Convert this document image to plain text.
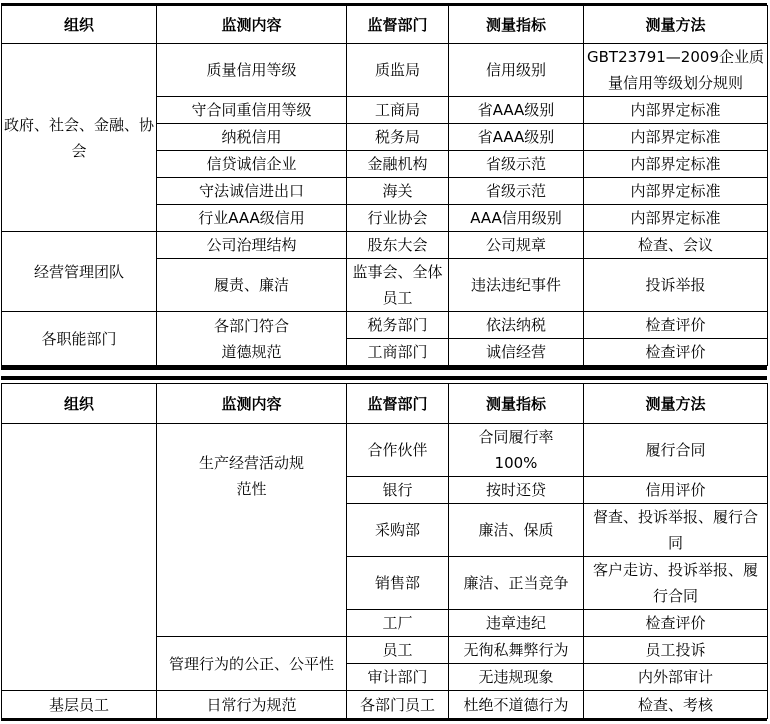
组织	监测内容	监督部门	测量指标	测量方法
政府、社会、金融、协会	质量信用等级	质监局	信用级别	GBT23791—2009企业质量信用等级划分规则
	守合同重信用等级	工商局	省AAA级别	内部界定标准
	纳税信用	税务局	省AAA级别	内部界定标准
	信贷诚信企业	金融机构	省级示范	内部界定标准
	守法诚信进出口	海关	省级示范	内部界定标准
	行业AAA级信用	行业协会	AAA信用级别	内部界定标准
经营管理团队	公司治理结构	股东大会	公司规章	检查、会议
	履责、廉洁	监事会、全体员工	违法违纪事件	投诉举报
各职能部门	各部门符合道德规范	税务部门	依法纳税	检查评价
		工商部门	诚信经营	检查评价
组织	监测内容	监督部门	测量指标	测量方法
	生产经营活动规范性	合作伙伴	合同履行率100%	履行合同
		银行	按时还贷	信用评价
		采购部	廉洁、保质	督查、投诉举报、履行合同
		销售部	廉洁、正当竞争	客户走访、投诉举报、履行合同
		工厂	违章违纪	检查评价
	管理行为的公正、公平性	员工	无徇私舞弊行为	员工投诉
		审计部门	无违规现象	内外部审计

基层员工	日常行为规范	各部门员工	杜绝不道德行为	检查、考核
